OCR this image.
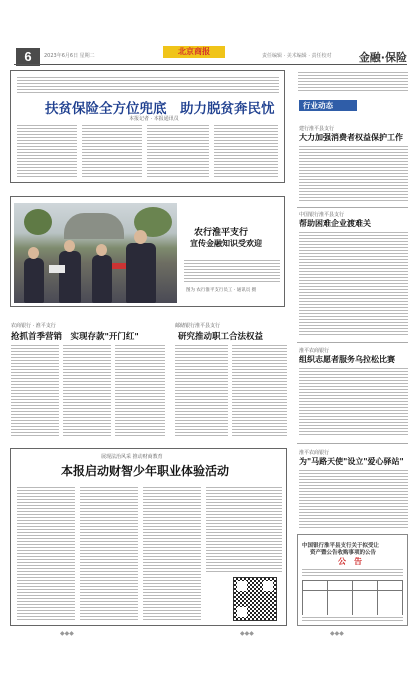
6	2023年6月6日 星期二	北京商报	责任编辑 · 美术编辑 · 责任校对 金融·保险
扶贫保险全方位兜底　助力脱贫奔民忧
本报记者 · 本报通讯员
行业动态
建行淮平县支行
大力加强消费者权益保护工作
中国银行淮平县支行
帮助困难企业渡难关
淮平农商银行
组织志愿者服务乌拉松比赛
淮平农商银行
为"马路天使"设立"爱心驿站"
中国银行淮平县支行关于拟受让
资产暨公告收购事项的公告
公　告

农行淮平支行
宣传金融知识受欢迎
图为 农行淮平支行员工 · 通讯员 摄
农商银行 · 淮平支行
抢抓首季营销　实现存款"开门红"
邮储银行淮平县支行
研究推动职工合法权益
展现法治风采 推动财商教育
本报启动财智少年职业体验活动
◆◆◆	◆◆◆	◆◆◆
